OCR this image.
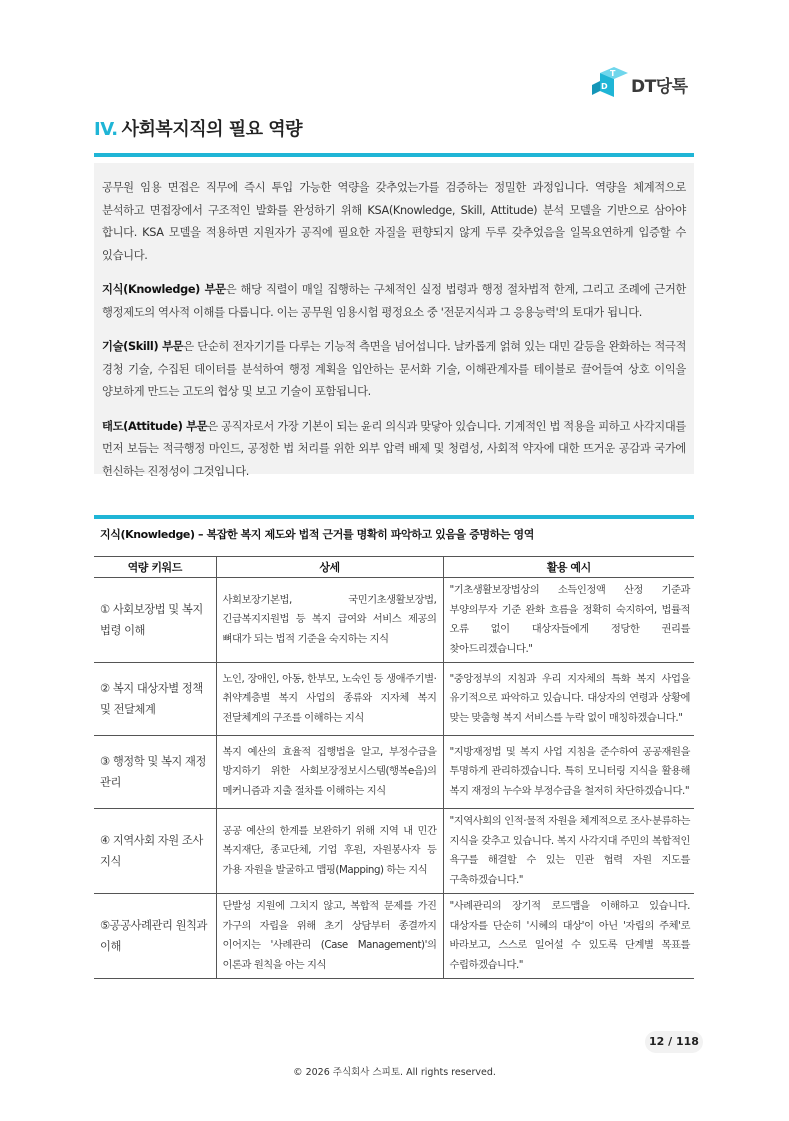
T
D DT당톡
IV. 사회복지직의 필요 역량

공무원 임용 면접은 직무에 즉시 투입 가능한 역량을 갖추었는가를 검증하는 정밀한 과정입니다. 역량을 체계적으로 분석하고 면접장에서 구조적인 발화를 완성하기 위해 KSA(Knowledge, Skill, Attitude) 분석 모델을 기반으로 삼아야 합니다. KSA 모델을 적용하면 지원자가 공직에 필요한 자질을 편향되지 않게 두루 갖추었음을 일목요연하게 입증할 수 있습니다.

지식(Knowledge) 부문은 해당 직렬이 매일 집행하는 구체적인 실정 법령과 행정 절차법적 한계, 그리고 조례에 근거한 행정제도의 역사적 이해를 다룹니다. 이는 공무원 임용시험 평정요소 중 '전문지식과 그 응용능력'의 토대가 됩니다.

기술(Skill) 부문은 단순히 전자기기를 다루는 기능적 측면을 넘어섭니다. 날카롭게 얽혀 있는 대민 갈등을 완화하는 적극적 경청 기술, 수집된 데이터를 분석하여 행정 계획을 입안하는 문서화 기술, 이해관계자를 테이블로 끌어들여 상호 이익을 양보하게 만드는 고도의 협상 및 보고 기술이 포함됩니다.

태도(Attitude) 부문은 공직자로서 가장 기본이 되는 윤리 의식과 맞닿아 있습니다. 기계적인 법 적용을 피하고 사각지대를 먼저 보듬는 적극행정 마인드, 공정한 법 처리를 위한 외부 압력 배제 및 청렴성, 사회적 약자에 대한 뜨거운 공감과 국가에 헌신하는 진정성이 그것입니다.

지식(Knowledge) – 복잡한 복지 제도와 법적 근거를 명확히 파악하고 있음을 증명하는 영역
역량 키워드	상세	활용 예시
① 사회보장법 및 복지 법령 이해	사회보장기본법, 국민기초생활보장법, 긴급복지지원법 등 복지 급여와 서비스 제공의 뼈대가 되는 법적 기준을 숙지하는 지식	"기초생활보장법상의 소득인정액 산정 기준과 부양의무자 기준 완화 흐름을 정확히 숙지하여, 법률적 오류 없이 대상자들에게 정당한 권리를 찾아드리겠습니다."
② 복지 대상자별 정책 및 전달체계	노인, 장애인, 아동, 한부모, 노숙인 등 생애주기별·취약계층별 복지 사업의 종류와 지자체 복지 전달체계의 구조를 이해하는 지식	"중앙정부의 지침과 우리 지자체의 특화 복지 사업을 유기적으로 파악하고 있습니다. 대상자의 연령과 상황에 맞는 맞춤형 복지 서비스를 누락 없이 매칭하겠습니다."
③ 행정학 및 복지 재정 관리	복지 예산의 효율적 집행법을 알고, 부정수급을 방지하기 위한 사회보장정보시스템(행복e음)의 메커니즘과 지출 절차를 이해하는 지식	"지방재정법 및 복지 사업 지침을 준수하여 공공재원을 투명하게 관리하겠습니다. 특히 모니터링 지식을 활용해 복지 재정의 누수와 부정수급을 철저히 차단하겠습니다."
④ 지역사회 자원 조사 지식	공공 예산의 한계를 보완하기 위해 지역 내 민간 복지재단, 종교단체, 기업 후원, 자원봉사자 등 가용 자원을 발굴하고 맵핑(Mapping) 하는 지식	"지역사회의 인적·물적 자원을 체계적으로 조사·분류하는 지식을 갖추고 있습니다. 복지 사각지대 주민의 복합적인 욕구를 해결할 수 있는 민관 협력 자원 지도를 구축하겠습니다."
⑤공공사례관리 원칙과 이해	단발성 지원에 그치지 않고, 복합적 문제를 가진 가구의 자립을 위해 초기 상담부터 종결까지 이어지는 '사례관리 (Case Management)'의 이론과 원칙을 아는 지식	"사례관리의 장기적 로드맵을 이해하고 있습니다. 대상자를 단순히 '시혜의 대상'이 아닌 '자립의 주체'로 바라보고, 스스로 일어설 수 있도록 단계별 목표를 수립하겠습니다."
12 / 118
© 2026 주식회사 스피토. All rights reserved.
